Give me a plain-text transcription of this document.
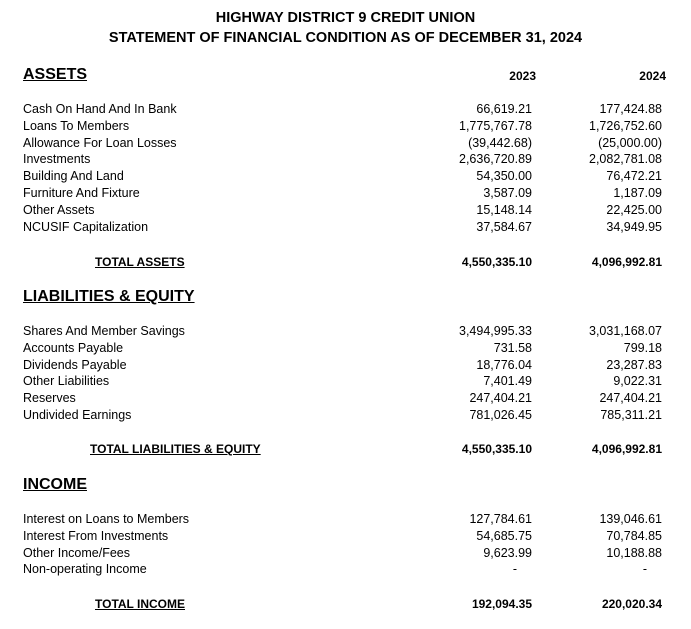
HIGHWAY DISTRICT 9 CREDIT UNION
STATEMENT OF FINANCIAL CONDITION AS OF DECEMBER 31, 2024
ASSETS	2023	2024
Cash On Hand And In Bank	66,619.21	177,424.88
Loans To Members	1,775,767.78	1,726,752.60
Allowance For Loan Losses	(39,442.68)	(25,000.00)
Investments	2,636,720.89	2,082,781.08
Building And Land	54,350.00	76,472.21
Furniture And Fixture	3,587.09	1,187.09
Other Assets	15,148.14	22,425.00
NCUSIF Capitalization	37,584.67	34,949.95
TOTAL ASSETS	4,550,335.10	4,096,992.81
LIABILITIES & EQUITY
Shares And Member Savings	3,494,995.33	3,031,168.07
Accounts Payable	731.58	799.18
Dividends Payable	18,776.04	23,287.83
Other Liabilities	7,401.49	9,022.31
Reserves	247,404.21	247,404.21
Undivided Earnings	781,026.45	785,311.21
TOTAL LIABILITIES & EQUITY	4,550,335.10	4,096,992.81
INCOME
Interest on Loans to Members	127,784.61	139,046.61
Interest From Investments	54,685.75	70,784.85
Other Income/Fees	9,623.99	10,188.88
Non-operating Income	-	-
TOTAL INCOME	192,094.35	220,020.34
